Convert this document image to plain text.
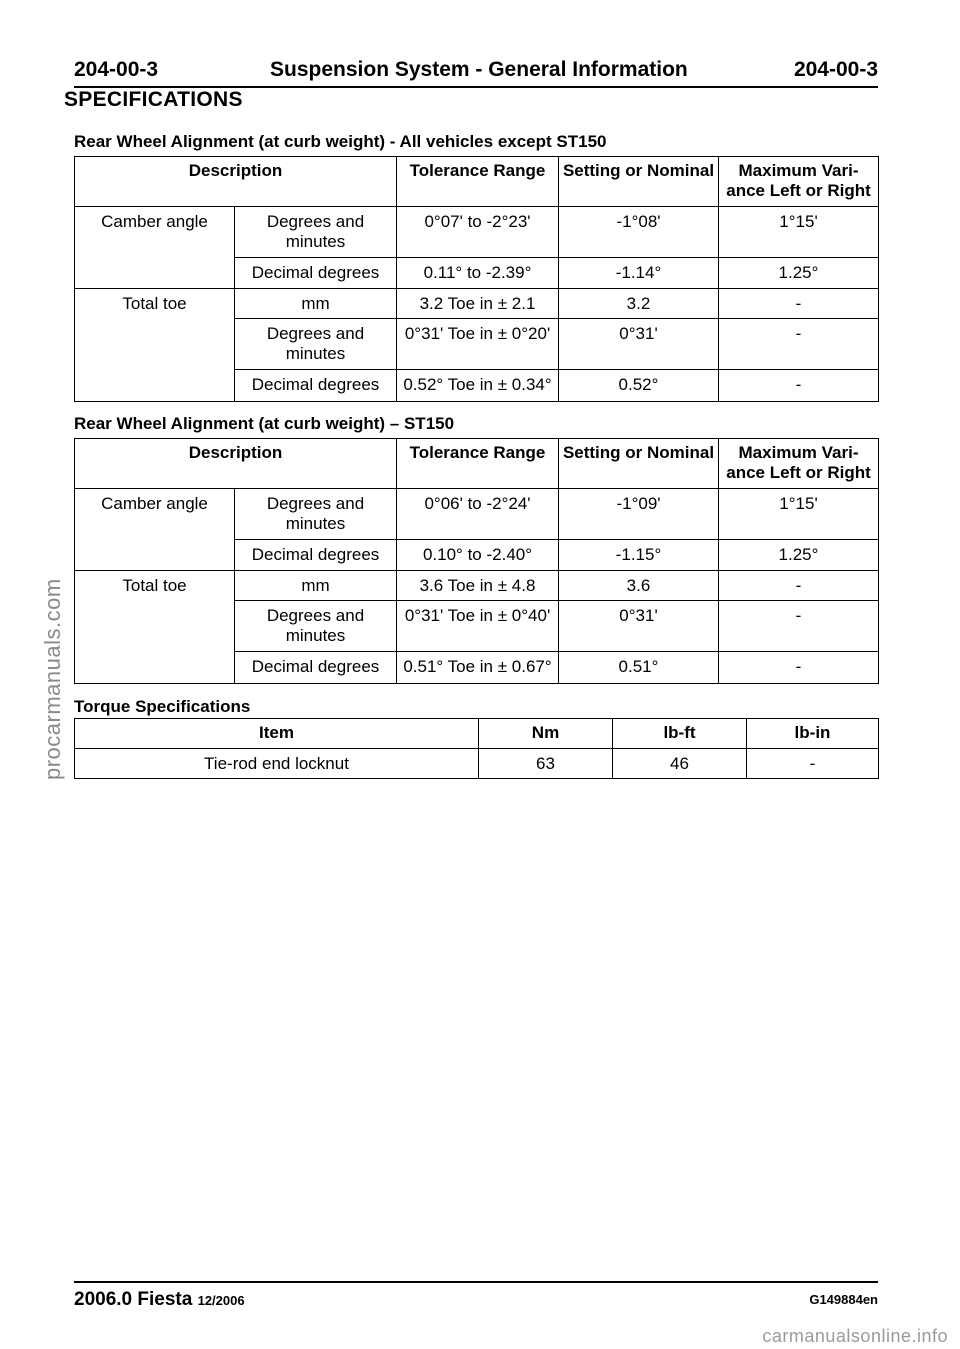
204-00-3	Suspension System - General Information	204-00-3
SPECIFICATIONS
Rear Wheel Alignment (at curb weight) - All vehicles except ST150
Description		Tolerance Range	Setting or Nominal	Maximum Vari- ance Left or Right
Camber angle	Degrees and minutes	0°07' to -2°23'	-1°08'	1°15'
	Decimal degrees	0.11° to -2.39°	-1.14°	1.25°
Total toe	mm	3.2 Toe in ± 2.1	3.2	-
	Degrees and minutes	0°31' Toe in ± 0°20'	0°31'	-
	Decimal degrees	0.52° Toe in ± 0.34°	0.52°	-
Rear Wheel Alignment (at curb weight) – ST150
Description		Tolerance Range	Setting or Nominal	Maximum Vari- ance Left or Right
Camber angle	Degrees and minutes	0°06' to -2°24'	-1°09'	1°15'
	Decimal degrees	0.10° to -2.40°	-1.15°	1.25°
Total toe	mm	3.6 Toe in ± 4.8	3.6	-
	Degrees and minutes	0°31' Toe in ± 0°40'	0°31'	-
	Decimal degrees	0.51° Toe in ± 0.67°	0.51°	-
Torque Specifications
Item	Nm	lb-ft	lb-in
Tie-rod end locknut	63	46	-
2006.0 Fiesta 12/2006	G149884en
procarmanuals.com
carmanualsonline.info
